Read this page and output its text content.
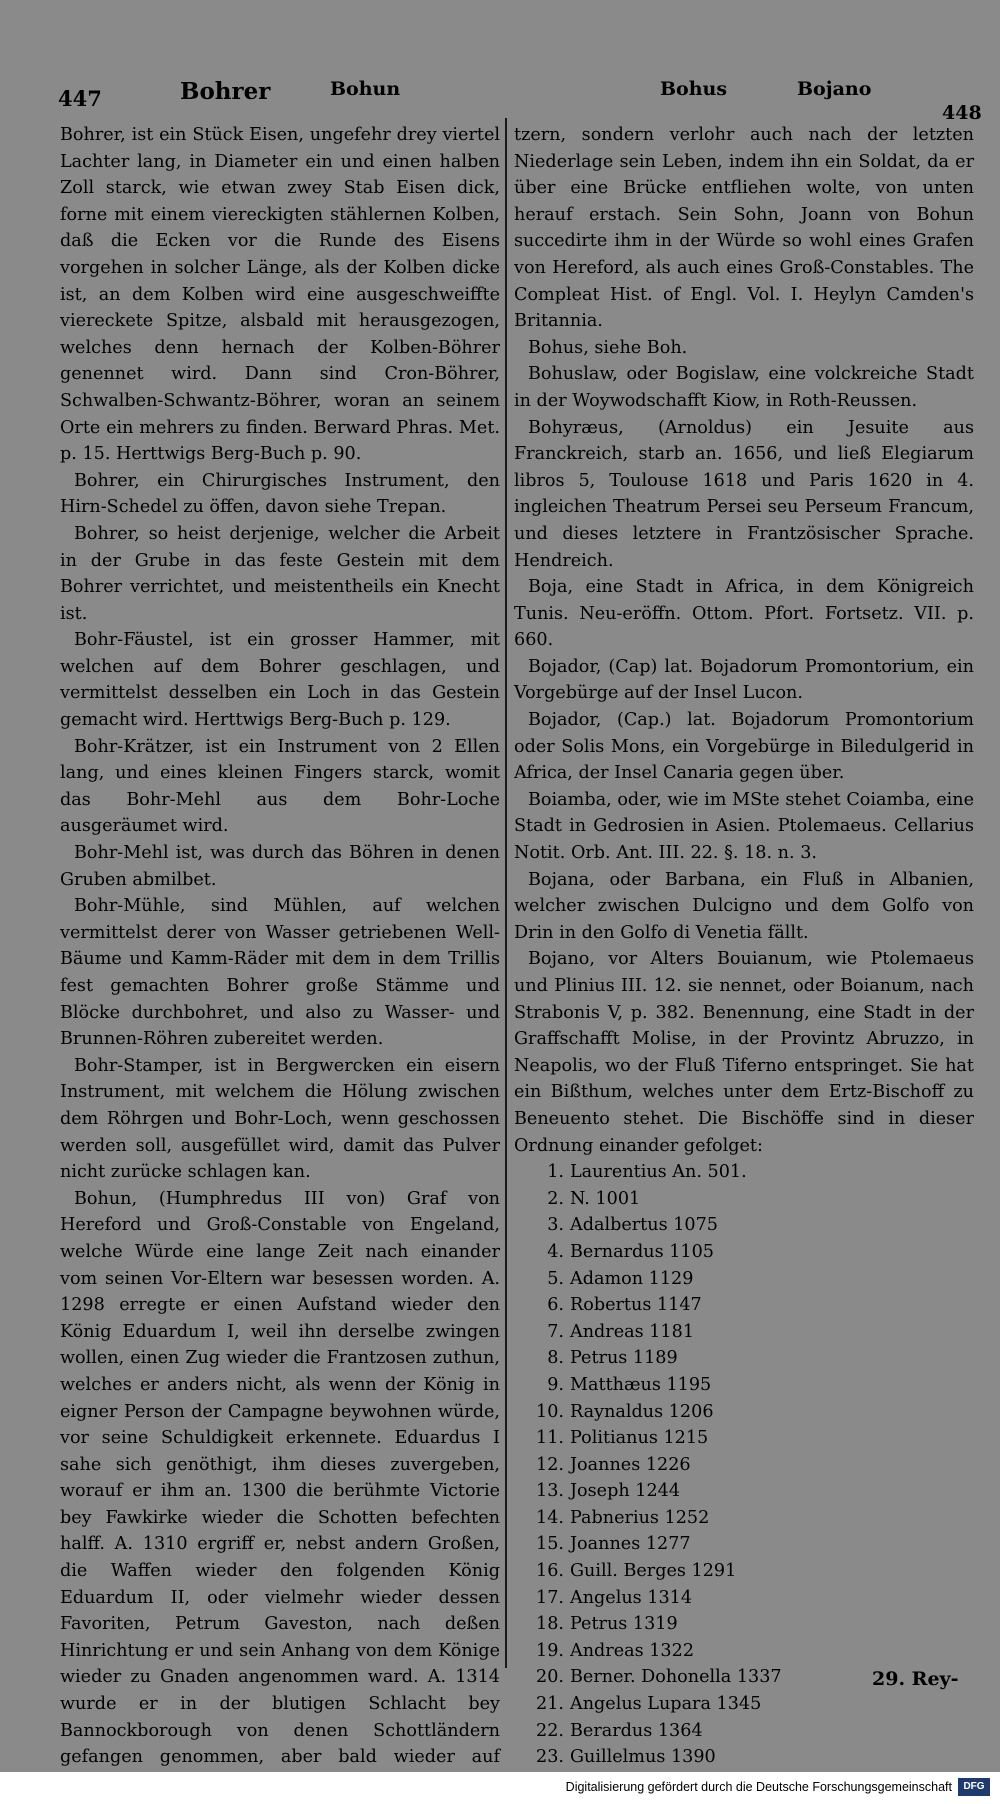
447	Bohrer	Bohun	Bohus	Bojano
448

Bohrer, ist ein Stück Eisen, ungefehr drey viertel Lachter lang, in Diameter ein und einen halben Zoll starck, wie etwan zwey Stab Eisen dick, forne mit einem viereckigten stählernen Kolben, daß die Ecken vor die Runde des Eisens vorgehen in solcher Länge, als der Kolben dicke ist, an dem Kolben wird eine ausgeschweiffte viereckete Spitze, alsbald mit herausgezogen, welches denn hernach der Kolben-Böhrer genennet wird. Dann sind Cron-Böhrer, Schwalben-Schwantz-Böhrer, woran an seinem Orte ein mehrers zu finden. Berward Phras. Met. p. 15. Herttwigs Berg-Buch p. 90.

Bohrer, ein Chirurgisches Instrument, den Hirn-Schedel zu öffen, davon siehe Trepan.

Bohrer, so heist derjenige, welcher die Arbeit in der Grube in das feste Gestein mit dem Bohrer verrichtet, und meistentheils ein Knecht ist.

Bohr-Fäustel, ist ein grosser Hammer, mit welchen auf dem Bohrer geschlagen, und vermittelst desselben ein Loch in das Gestein gemacht wird. Herttwigs Berg-Buch p. 129.

Bohr-Krätzer, ist ein Instrument von 2 Ellen lang, und eines kleinen Fingers starck, womit das Bohr-Mehl aus dem Bohr-Loche ausgeräumet wird.

Bohr-Mehl ist, was durch das Böhren in denen Gruben abmilbet.

Bohr-Mühle, sind Mühlen, auf welchen vermittelst derer von Wasser getriebenen Well-Bäume und Kamm-Räder mit dem in dem Trillis fest gemachten Bohrer große Stämme und Blöcke durchbohret, und also zu Wasser- und Brunnen-Röhren zubereitet werden.

Bohr-Stamper, ist in Bergwercken ein eisern Instrument, mit welchem die Hölung zwischen dem Röhrgen und Bohr-Loch, wenn geschossen werden soll, ausgefüllet wird, damit das Pulver nicht zurücke schlagen kan.

Bohun, (Humphredus III von) Graf von Hereford und Groß-Constable von Engeland, welche Würde eine lange Zeit nach einander vom seinen Vor-Eltern war besessen worden. A. 1298 erregte er einen Aufstand wieder den König Eduardum I, weil ihn derselbe zwingen wollen, einen Zug wieder die Frantzosen zuthun, welches er anders nicht, als wenn der König in eigner Person der Campagne beywohnen würde, vor seine Schuldigkeit erkennete. Eduardus I sahe sich genöthigt, ihm dieses zuvergeben, worauf er ihm an. 1300 die berühmte Victorie bey Fawkirke wieder die Schotten befechten halff. A. 1310 ergriff er, nebst andern Großen, die Waffen wieder den folgenden König Eduardum II, oder vielmehr wieder dessen Favoriten, Petrum Gaveston, nach deßen Hinrichtung er und sein Anhang von dem Könige wieder zu Gnaden angenommen ward. A. 1314 wurde er in der blutigen Schlacht bey Bannockborough von denen Schottländern gefangen genommen, aber bald wieder auf

tzern, sondern verlohr auch nach der letzten Niederlage sein Leben, indem ihn ein Soldat, da er über eine Brücke entfliehen wolte, von unten herauf erstach. Sein Sohn, Joann von Bohun succedirte ihm in der Würde so wohl eines Grafen von Hereford, als auch eines Groß-Constables. The Compleat Hist. of Engl. Vol. I. Heylyn Camden's Britannia.

Bohus, siehe Boh.

Bohuslaw, oder Bogislaw, eine volckreiche Stadt in der Woywodschafft Kiow, in Roth-Reussen.

Bohyræus, (Arnoldus) ein Jesuite aus Franckreich, starb an. 1656, und ließ Elegiarum libros 5, Toulouse 1618 und Paris 1620 in 4. ingleichen Theatrum Persei seu Perseum Francum, und dieses letztere in Frantzösischer Sprache. Hendreich.

Boja, eine Stadt in Africa, in dem Königreich Tunis. Neu-eröffn. Ottom. Pfort. Fortsetz. VII. p. 660.

Bojador, (Cap) lat. Bojadorum Promontorium, ein Vorgebürge auf der Insel Lucon.

Bojador, (Cap.) lat. Bojadorum Promontorium oder Solis Mons, ein Vorgebürge in Biledulgerid in Africa, der Insel Canaria gegen über.

Boiamba, oder, wie im MSte stehet Coiamba, eine Stadt in Gedrosien in Asien. Ptolemaeus. Cellarius Notit. Orb. Ant. III. 22. §. 18. n. 3.

Bojana, oder Barbana, ein Fluß in Albanien, welcher zwischen Dulcigno und dem Golfo von Drin in den Golfo di Venetia fällt.

Bojano, vor Alters Bouianum, wie Ptolemaeus und Plinius III. 12. sie nennet, oder Boianum, nach Strabonis V, p. 382. Benennung, eine Stadt in der Graffschafft Molise, in der Provintz Abruzzo, in Neapolis, wo der Fluß Tiferno entspringet. Sie hat ein Bißthum, welches unter dem Ertz-Bischoff zu Beneuento stehet. Die Bischöffe sind in dieser Ordnung einander gefolget:

1. Laurentius An. 501.
2. N. 1001
3. Adalbertus 1075
4. Bernardus 1105
5. Adamon 1129
6. Robertus 1147
7. Andreas 1181
8. Petrus 1189
9. Matthæus 1195
10. Raynaldus 1206
11. Politianus 1215
12. Joannes 1226
13. Joseph 1244
14. Pabnerius 1252
15. Joannes 1277
16. Guill. Berges 1291
17. Angelus 1314
18. Petrus 1319
19. Andreas 1322
20. Berner. Dohonella 1337
21. Angelus Lupara 1345
22. Berardus 1364
23. Guillelmus 1390
29. Rey-
Digitalisierung gefördert durch die Deutsche Forschungsgemeinschaft	DFG
